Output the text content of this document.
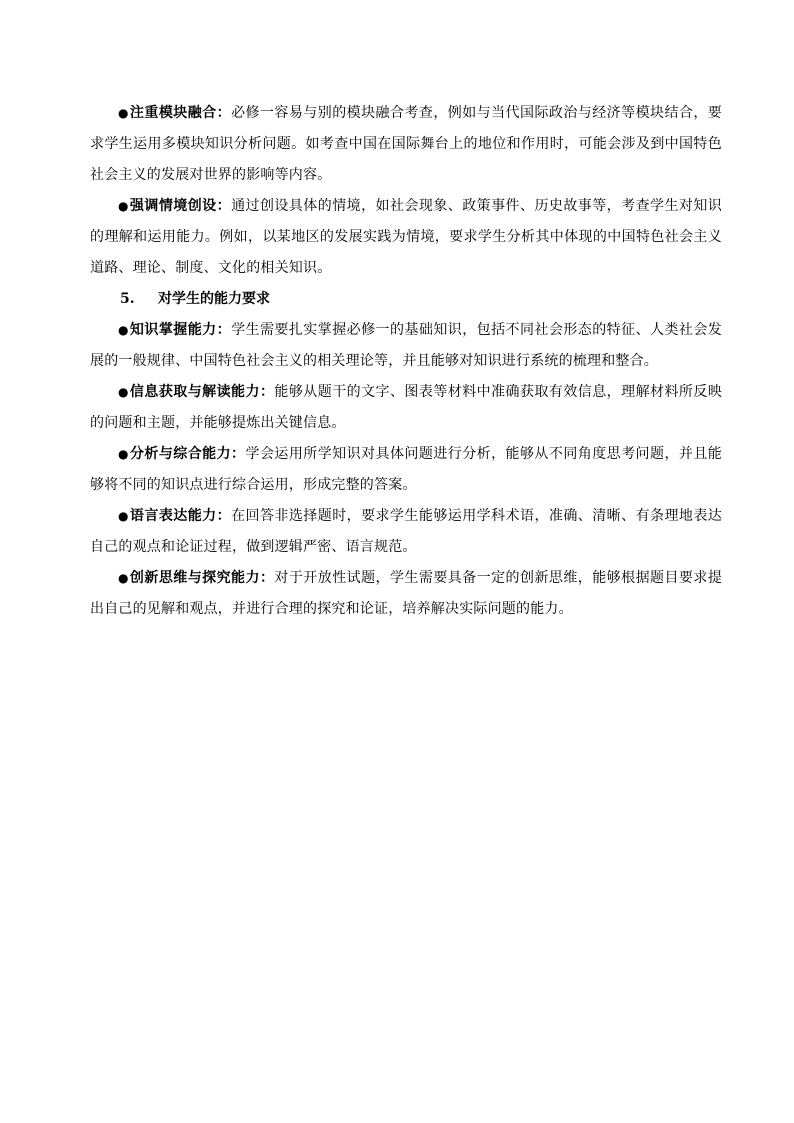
●注重模块融合：必修一容易与别的模块融合考查，例如与当代国际政治与经济等模块结合，要求学生运用多模块知识分析问题。如考查中国在国际舞台上的地位和作用时，可能会涉及到中国特色社会主义的发展对世界的影响等内容。

●强调情境创设：通过创设具体的情境，如社会现象、政策事件、历史故事等，考查学生对知识的理解和运用能力。例如，以某地区的发展实践为情境，要求学生分析其中体现的中国特色社会主义道路、理论、制度、文化的相关知识。

5. 对学生的能力要求

●知识掌握能力：学生需要扎实掌握必修一的基础知识，包括不同社会形态的特征、人类社会发展的一般规律、中国特色社会主义的相关理论等，并且能够对知识进行系统的梳理和整合。

●信息获取与解读能力：能够从题干的文字、图表等材料中准确获取有效信息，理解材料所反映的问题和主题，并能够提炼出关键信息。

●分析与综合能力：学会运用所学知识对具体问题进行分析，能够从不同角度思考问题，并且能够将不同的知识点进行综合运用，形成完整的答案。

●语言表达能力：在回答非选择题时，要求学生能够运用学科术语，准确、清晰、有条理地表达自己的观点和论证过程，做到逻辑严密、语言规范。

●创新思维与探究能力：对于开放性试题，学生需要具备一定的创新思维，能够根据题目要求提出自己的见解和观点，并进行合理的探究和论证，培养解决实际问题的能力。
